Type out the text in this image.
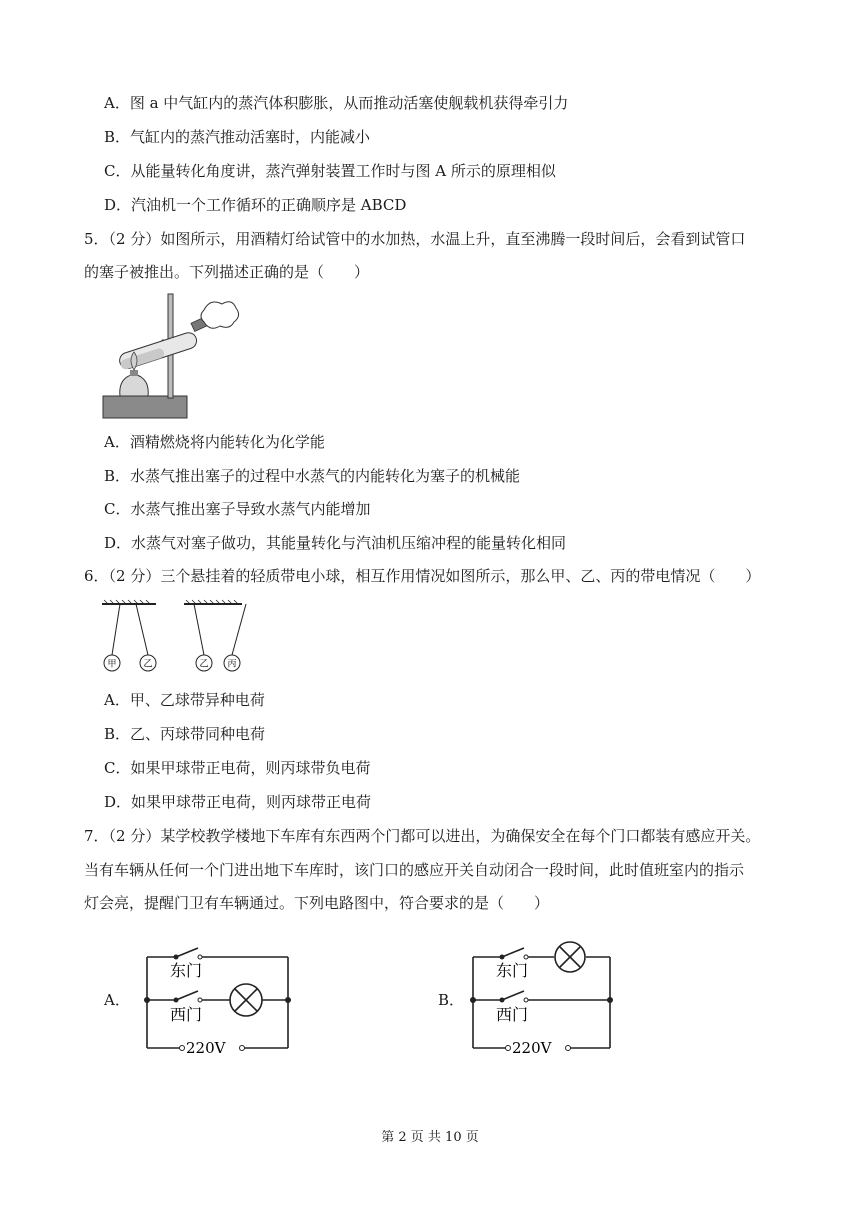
A．图 a 中气缸内的蒸汽体积膨胀，从而推动活塞使舰载机获得牵引力
B．气缸内的蒸汽推动活塞时，内能减小
C．从能量转化角度讲，蒸汽弹射装置工作时与图 A 所示的原理相似
D．汽油机一个工作循环的正确顺序是 ABCD
5．（2 分）如图所示，用酒精灯给试管中的水加热，水温上升，直至沸腾一段时间后，会看到试管口
的塞子被推出。下列描述正确的是（　　）
A．酒精燃烧将内能转化为化学能
B．水蒸气推出塞子的过程中水蒸气的内能转化为塞子的机械能
C．水蒸气推出塞子导致水蒸气内能增加
D．水蒸气对塞子做功，其能量转化与汽油机压缩冲程的能量转化相同
6．（2 分）三个悬挂着的轻质带电小球，相互作用情况如图所示，那么甲、乙、丙的带电情况（　　）
甲	乙	乙 丙
A．甲、乙球带异种电荷
B．乙、丙球带同种电荷
C．如果甲球带正电荷，则丙球带负电荷
D．如果甲球带正电荷，则丙球带正电荷
7．（2 分）某学校教学楼地下车库有东西两个门都可以进出，为确保安全在每个门口都装有感应开关。
当有车辆从任何一个门进出地下车库时，该门口的感应开关自动闭合一段时间，此时值班室内的指示
灯会亮，提醒门卫有车辆通过。下列电路图中，符合要求的是（　　）
A．
东门
西门
220V
B．
东门
西门
220V
第 2 页 共 10 页
